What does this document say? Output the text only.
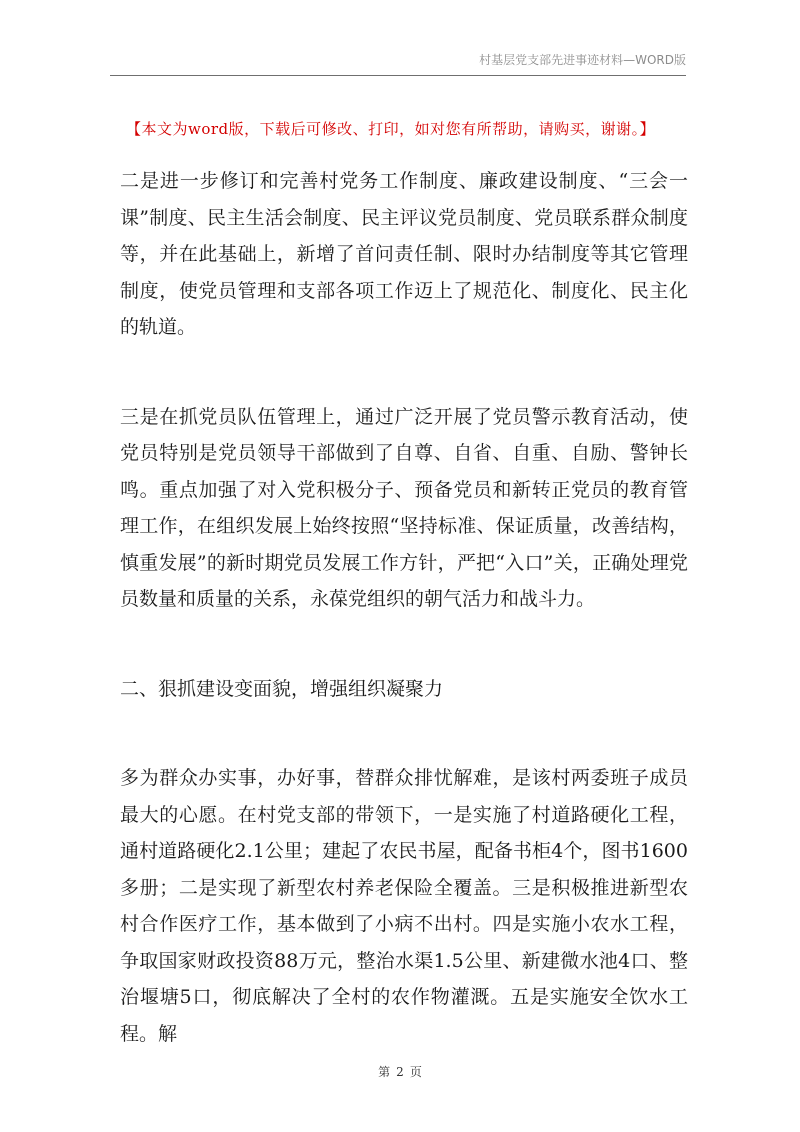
村基层党支部先进事迹材料—WORD版
【本文为word版，下载后可修改、打印，如对您有所帮助，请购买，谢谢。】

二是进一步修订和完善村党务工作制度、廉政建设制度、“三会一课”制度、民主生活会制度、民主评议党员制度、党员联系群众制度等，并在此基础上，新增了首问责任制、限时办结制度等其它管理制度，使党员管理和支部各项工作迈上了规范化、制度化、民主化的轨道。

三是在抓党员队伍管理上，通过广泛开展了党员警示教育活动，使党员特别是党员领导干部做到了自尊、自省、自重、自励、警钟长鸣。重点加强了对入党积极分子、预备党员和新转正党员的教育管理工作，在组织发展上始终按照“坚持标准、保证质量，改善结构，慎重发展”的新时期党员发展工作方针，严把“入口”关，正确处理党员数量和质量的关系，永葆党组织的朝气活力和战斗力。

二、狠抓建设变面貌，增强组织凝聚力

多为群众办实事，办好事，替群众排忧解难，是该村两委班子成员最大的心愿。在村党支部的带领下，一是实施了村道路硬化工程，通村道路硬化2.1公里；建起了农民书屋，配备书柜4个，图书1600多册；二是实现了新型农村养老保险全覆盖。三是积极推进新型农村合作医疗工作，基本做到了小病不出村。四是实施小农水工程，争取国家财政投资88万元，整治水渠1.5公里、新建微水池4口、整治堰塘5口，彻底解决了全村的农作物灌溉。五是实施安全饮水工程。解

第 2 页
